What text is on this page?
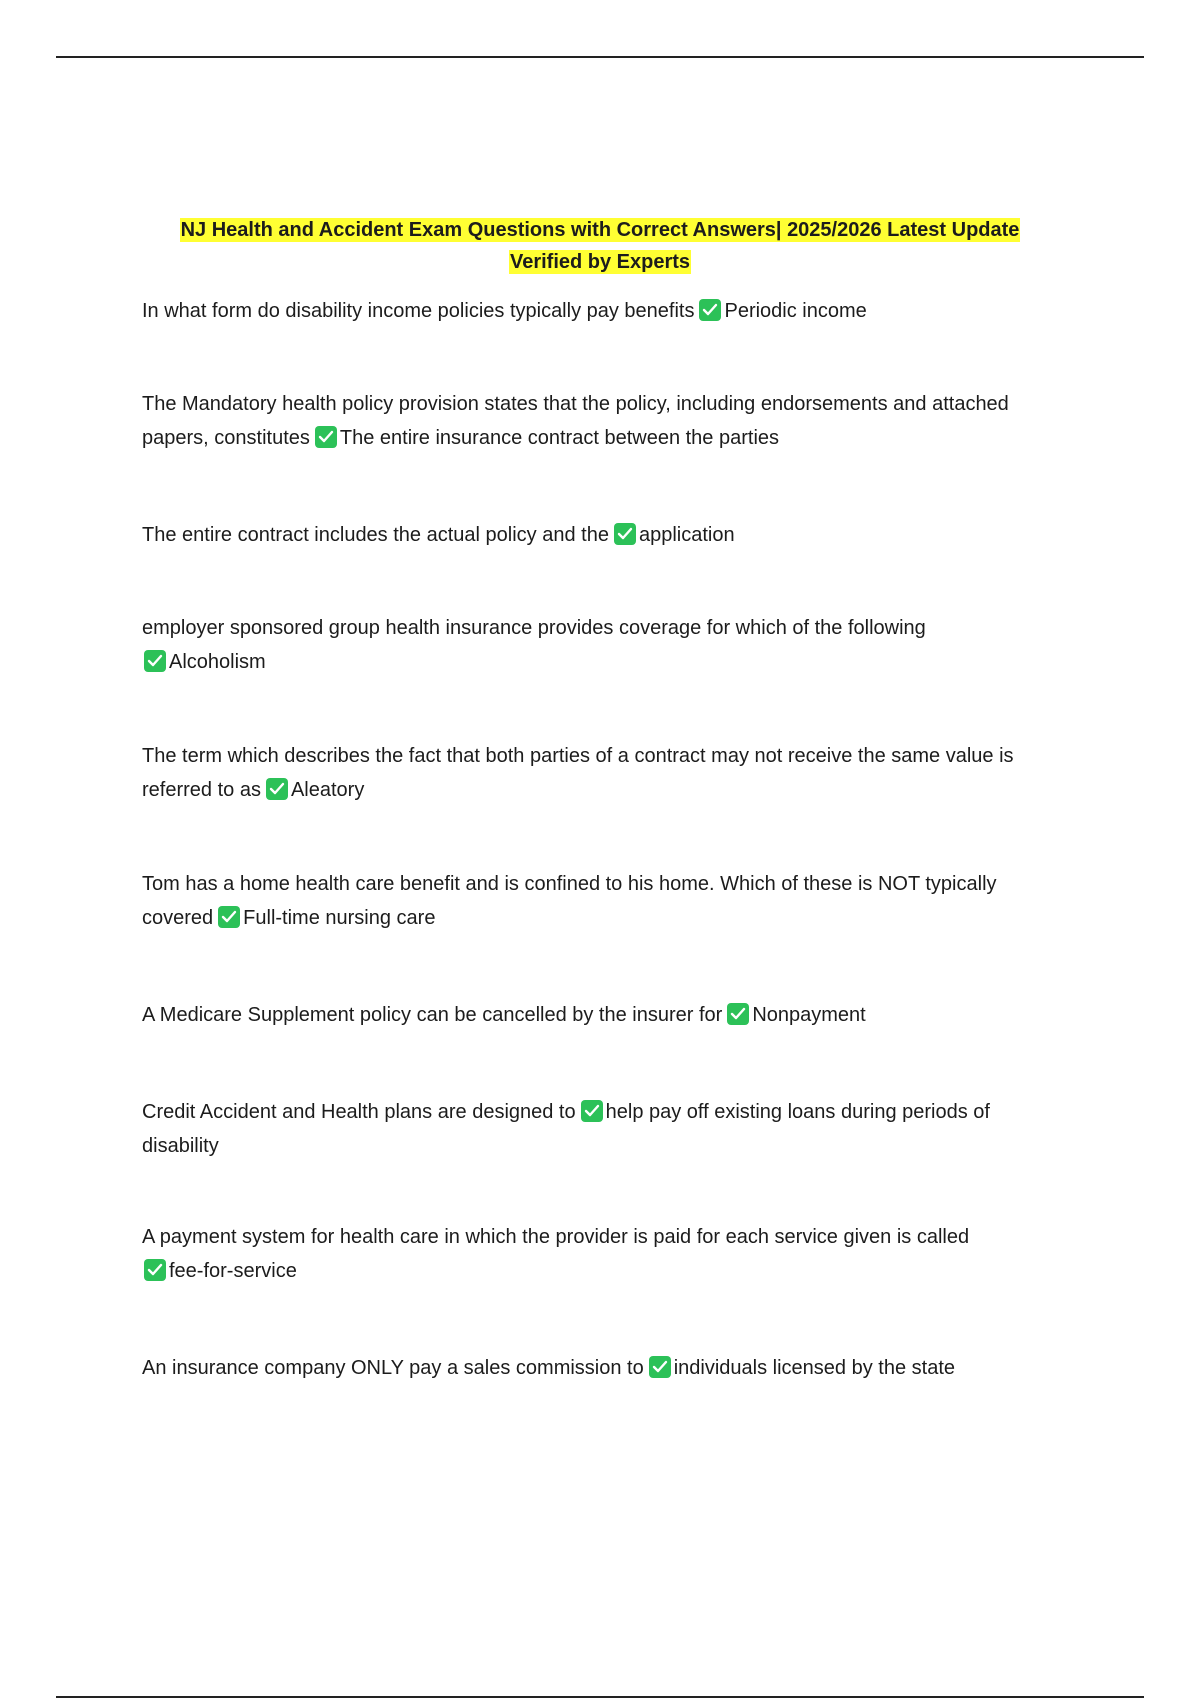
NJ Health and Accident Exam Questions with Correct Answers| 2025/2026 Latest Update
Verified by Experts

In what form do disability income policies typically pay benefits Periodic income

The Mandatory health policy provision states that the policy, including endorsements and attached papers, constitutes The entire insurance contract between the parties

The entire contract includes the actual policy and the application

employer sponsored group health insurance provides coverage for which of the following

Alcoholism

The term which describes the fact that both parties of a contract may not receive the same value is referred to as Aleatory

Tom has a home health care benefit and is confined to his home. Which of these is NOT typically covered Full-time nursing care

A Medicare Supplement policy can be cancelled by the insurer for Nonpayment

Credit Accident and Health plans are designed to help pay off existing loans during periods of disability

A payment system for health care in which the provider is paid for each service given is called

fee-for-service

An insurance company ONLY pay a sales commission to individuals licensed by the state
